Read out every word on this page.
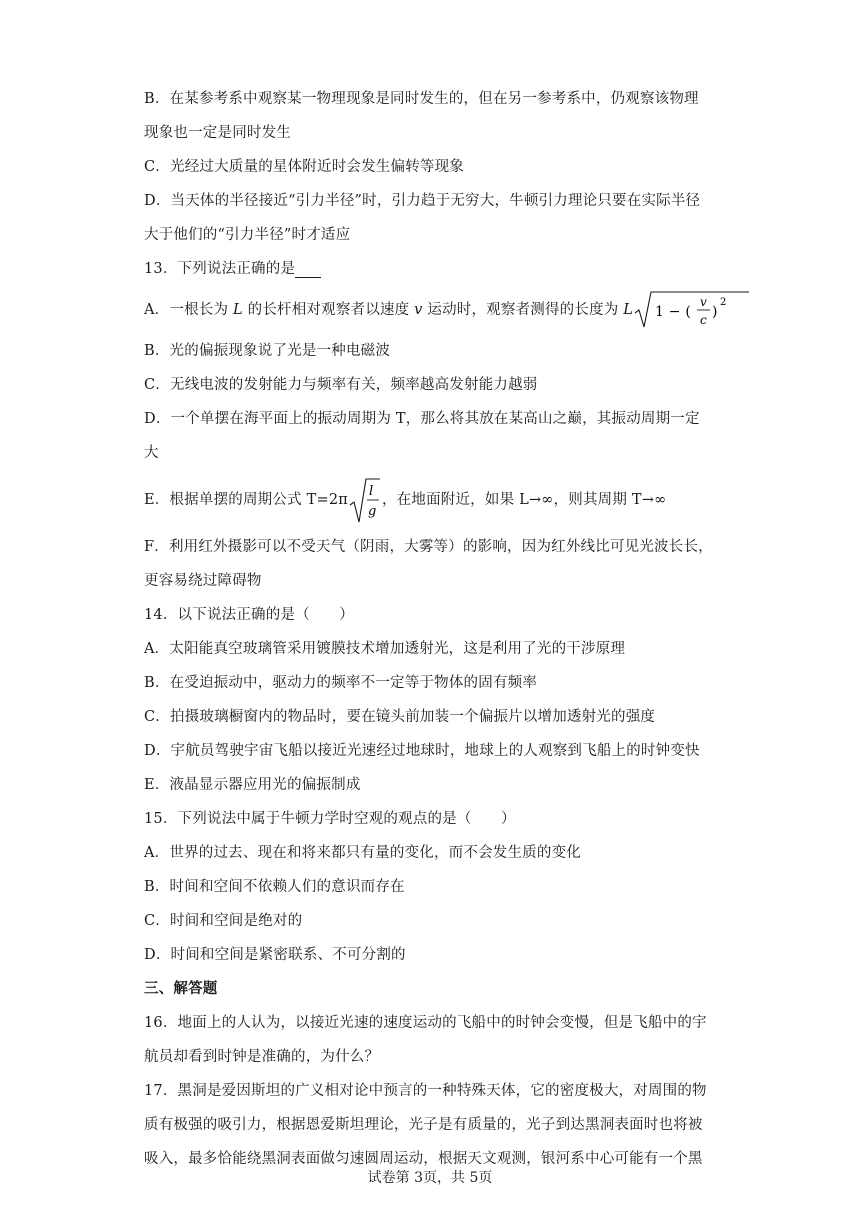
B．在某参考系中观察某一物理现象是同时发生的，但在另一参考系中，仍观察该物理
现象也一定是同时发生
C．光经过大质量的星体附近时会发生偏转等现象
D．当天体的半径接近“引力半径”时，引力趋于无穷大，牛顿引力理论只要在实际半径
大于他们的“引力半径”时才适应
13．下列说法正确的是
A．一根长为 L 的长杆相对观察者以速度 v 运动时，观察者测得的长度为 L 1 − (
v
c )
2
B．光的偏振现象说了光是一种电磁波
C．无线电波的发射能力与频率有关，频率越高发射能力越弱
D．一个单摆在海平面上的振动周期为 T，那么将其放在某高山之巅，其振动周期一定
大
E．根据单摆的周期公式 T=2π
l
g
，在地面附近，如果 L→∞，则其周期 T→∞
F．利用红外摄影可以不受天气（阴雨，大雾等）的影响，因为红外线比可见光波长长，
更容易绕过障碍物
14．以下说法正确的是（　　）
A．太阳能真空玻璃管采用镀膜技术增加透射光，这是利用了光的干涉原理
B．在受迫振动中，驱动力的频率不一定等于物体的固有频率
C．拍摄玻璃橱窗内的物品时，要在镜头前加装一个偏振片以增加透射光的强度
D．宇航员驾驶宇宙飞船以接近光速经过地球时，地球上的人观察到飞船上的时钟变快
E．液晶显示器应用光的偏振制成
15．下列说法中属于牛顿力学时空观的观点的是（　　）
A．世界的过去、现在和将来都只有量的变化，而不会发生质的变化
B．时间和空间不依赖人们的意识而存在
C．时间和空间是绝对的
D．时间和空间是紧密联系、不可分割的
三、解答题
16．地面上的人认为，以接近光速的速度运动的飞船中的时钟会变慢，但是飞船中的宇
航员却看到时钟是准确的，为什么？
17．黑洞是爱因斯坦的广义相对论中预言的一种特殊天体，它的密度极大，对周围的物
质有极强的吸引力，根据恩爱斯坦理论，光子是有质量的，光子到达黑洞表面时也将被
吸入，最多恰能绕黑洞表面做匀速圆周运动，根据天文观测，银河系中心可能有一个黑
试卷第 3页，共 5页
